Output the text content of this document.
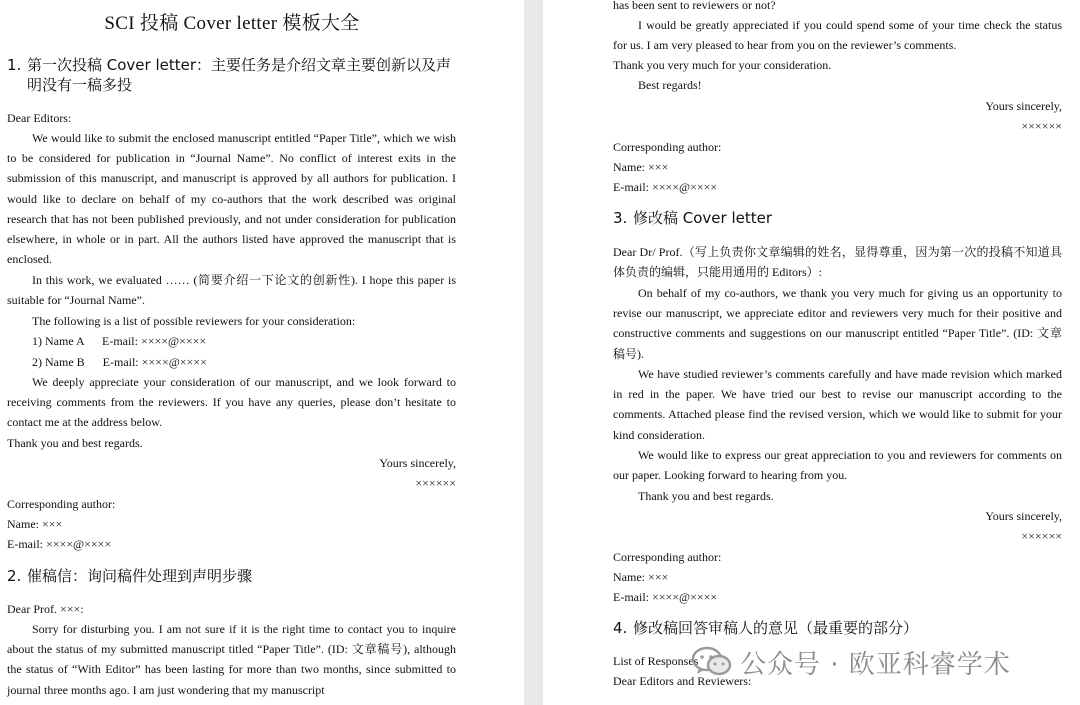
SCI 投稿 Cover letter 模板大全
1. 第一次投稿 Cover letter：主要任务是介绍文章主要创新以及声
明没有一稿多投

Dear Editors:

We would like to submit the enclosed manuscript entitled “Paper Title”, which we wish to be considered for publication in “Journal Name”. No conflict of interest exits in the submission of this manuscript, and manuscript is approved by all authors for publication. I would like to declare on behalf of my co-authors that the work described was original research that has not been published previously, and not under consideration for publication elsewhere, in whole or in part. All the authors listed have approved the manuscript that is enclosed.

In this work, we evaluated …… (简要介绍一下论文的创新性). I hope this paper is suitable for “Journal Name”.

The following is a list of possible reviewers for your consideration:

1) Name A      E-mail: ××××@××××

2) Name B      E-mail: ××××@××××

We deeply appreciate your consideration of our manuscript, and we look forward to receiving comments from the reviewers. If you have any queries, please don’t hesitate to contact me at the address below.

Thank you and best regards.

Yours sincerely,

××××××

Corresponding author:

Name: ×××

E-mail: ××××@××××

2. 催稿信：询问稿件处理到声明步骤

Dear Prof. ×××:

Sorry for disturbing you. I am not sure if it is the right time to contact you to inquire about the status of my submitted manuscript titled “Paper Title”. (ID: 文章稿号), although the status of “With Editor” has been lasting for more than two months, since submitted to journal three months ago. I am just wondering that my manuscript

has been sent to reviewers or not?

I would be greatly appreciated if you could spend some of your time check the status for us. I am very pleased to hear from you on the reviewer’s comments.

Thank you very much for your consideration.

Best regards!

Yours sincerely,

××××××

Corresponding author:

Name: ×××

E-mail: ××××@××××

3. 修改稿 Cover letter

Dear Dr/ Prof.（写上负责你文章编辑的姓名，显得尊重，因为第一次的投稿不知道具体负责的编辑，只能用通用的 Editors）:

On behalf of my co-authors, we thank you very much for giving us an opportunity to revise our manuscript, we appreciate editor and reviewers very much for their positive and constructive comments and suggestions on our manuscript entitled “Paper Title”. (ID: 文章稿号).

We have studied reviewer’s comments carefully and have made revision which marked in red in the paper. We have tried our best to revise our manuscript according to the comments. Attached please find the revised version, which we would like to submit for your kind consideration.

We would like to express our great appreciation to you and reviewers for comments on our paper. Looking forward to hearing from you.

Thank you and best regards.

Yours sincerely,

××××××

Corresponding author:

Name: ×××

E-mail: ××××@××××

4. 修改稿回答审稿人的意见（最重要的部分）

List of Responses

Dear Editors and Reviewers:

公众号 · 欧亚科睿学术
